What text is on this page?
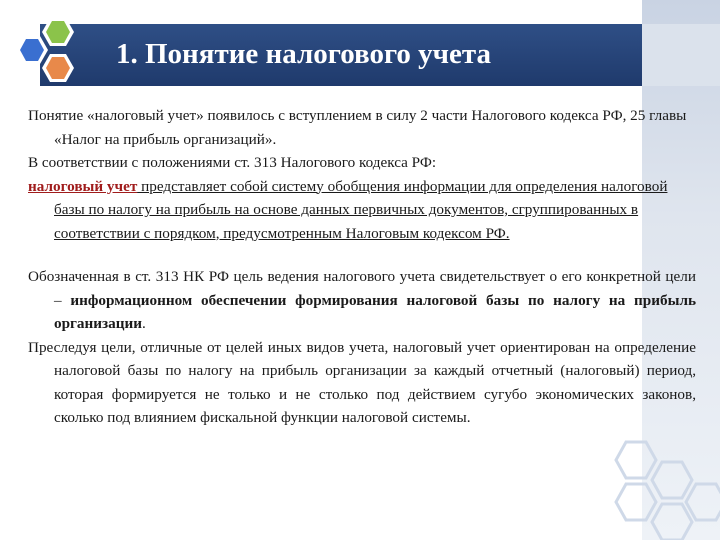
1. Понятие налогового учета

Понятие «налоговый учет» появилось с вступлением в силу 2 части Налогового кодекса РФ, 25 главы «Налог на прибыль организаций».

В соответствии с положениями ст. 313 Налогового кодекса РФ:

налоговый учет представляет собой систему обобщения информации для определения налоговой базы по налогу на прибыль на основе данных первичных документов, сгруппированных в соответствии с порядком, предусмотренным Налоговым кодексом РФ.

Обозначенная в ст. 313 НК РФ цель ведения налогового учета свидетельствует о его конкретной цели – информационном обеспечении формирования налоговой базы по налогу на прибыль организации.

Преследуя цели, отличные от целей иных видов учета, налоговый учет ориентирован на определение налоговой базы по налогу на прибыль организации за каждый отчетный (налоговый) период, которая формируется не только и не столько под действием сугубо экономических законов, сколько под влиянием фискальной функции налоговой системы.
